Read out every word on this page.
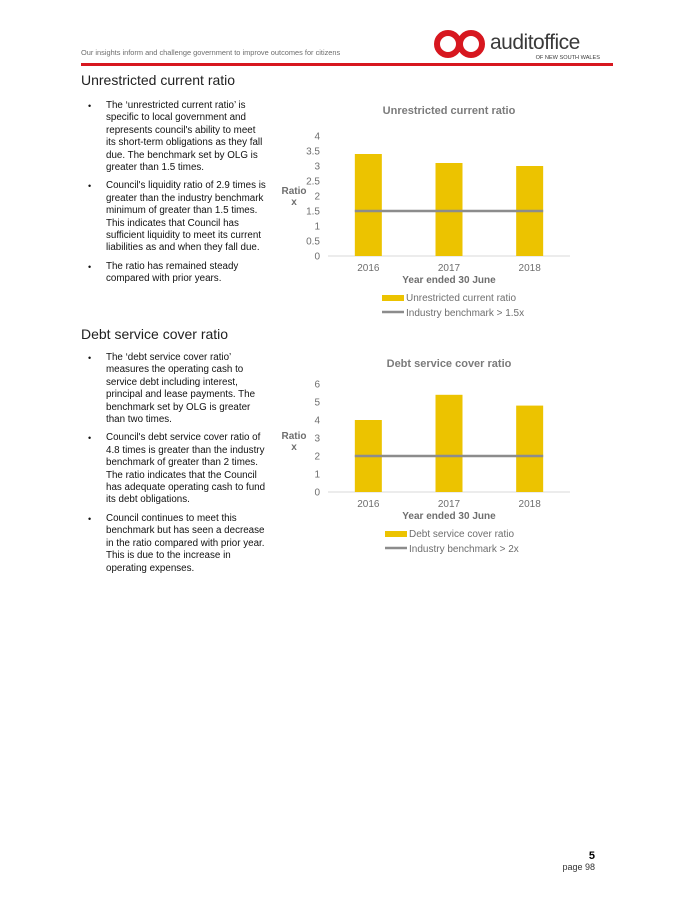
Our insights inform and challenge government to improve outcomes for citizens	auditoffice
OF NEW SOUTH WALES
Unrestricted current ratio
• The ‘unrestricted current ratio’ is specific to local government and represents council's ability to meet its short-term obligations as they fall due. The benchmark set by OLG is greater than 1.5 times.
• Council's liquidity ratio of 2.9 times is greater than the industry benchmark minimum of greater than 1.5 times. This indicates that Council has sufficient liquidity to meet its current liabilities as and when they fall due.
• The ratio has remained steady compared with prior years.
Debt service cover ratio
• The ‘debt service cover ratio’ measures the operating cash to service debt including interest, principal and lease payments. The benchmark set by OLG is greater than two times.
• Council's debt service cover ratio of 4.8 times is greater than the industry benchmark of greater than 2 times. The ratio indicates that the Council has adequate operating cash to fund its debt obligations.
• Council continues to meet this benchmark but has seen a decrease in the ratio compared with prior year. This is due to the increase in operating expenses.
Unrestricted current ratio
0
0.5
1
1.5
2
2.5
3
3.5
4
Ratio
x
2016	2017	2018
Year ended 30 June
Unrestricted current ratio
Industry benchmark > 1.5x
Debt service cover ratio
0
1
2
3
4
5
6
Ratio
x
2016	2017	2018
Year ended 30 June
Debt service cover ratio
Industry benchmark > 2x
5
page 98
